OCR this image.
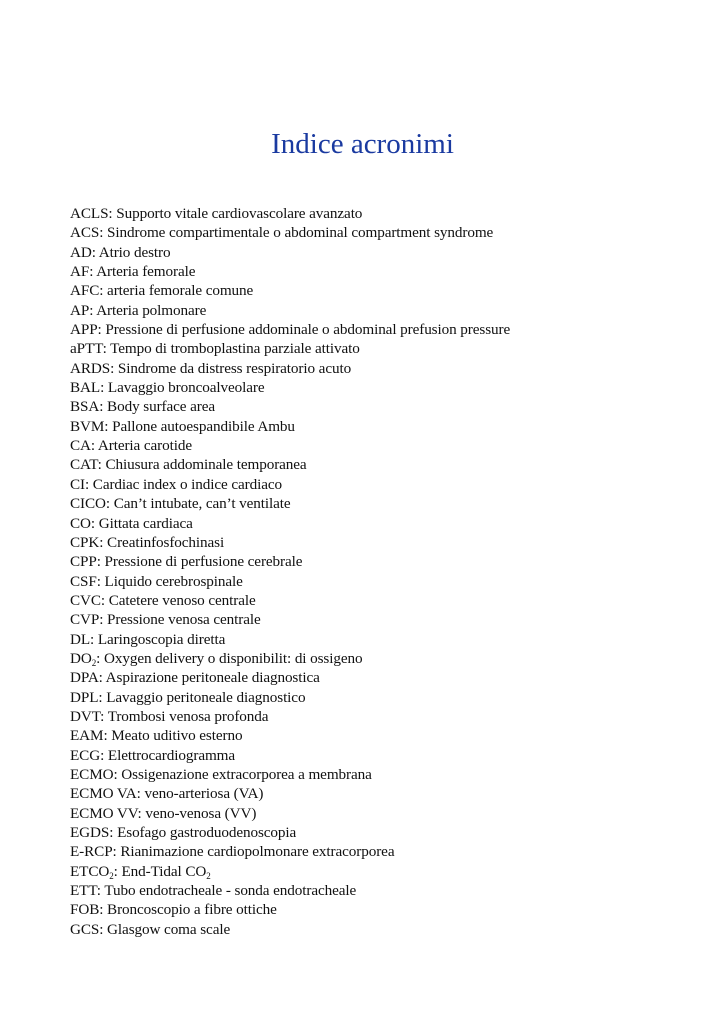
Indice acronimi
ACLS: Supporto vitale cardiovascolare avanzato
ACS: Sindrome compartimentale o abdominal compartment syndrome
AD: Atrio destro
AF: Arteria femorale
AFC: arteria femorale comune
AP: Arteria polmonare
APP: Pressione di perfusione addominale o abdominal prefusion pressure
aPTT: Tempo di tromboplastina parziale attivato
ARDS: Sindrome da distress respiratorio acuto
BAL: Lavaggio broncoalveolare
BSA: Body surface area
BVM: Pallone autoespandibile Ambu
CA: Arteria carotide
CAT: Chiusura addominale temporanea
CI: Cardiac index o indice cardiaco
CICO: Can’t intubate, can’t ventilate
CO: Gittata cardiaca
CPK: Creatinfosfochinasi
CPP: Pressione di perfusione cerebrale
CSF: Liquido cerebrospinale
CVC: Catetere venoso centrale
CVP: Pressione venosa centrale
DL: Laringoscopia diretta
$DO_2$: Oxygen delivery o disponibilit: di ossigeno
DPA: Aspirazione peritoneale diagnostica
DPL: Lavaggio peritoneale diagnostico
DVT: Trombosi venosa profonda
EAM: Meato uditivo esterno
ECG: Elettrocardiogramma
ECMO: Ossigenazione extracorporea a membrana
ECMO VA: veno-arteriosa (VA)
ECMO VV: veno-venosa (VV)
EGDS: Esofago gastroduodenoscopia
E-RCP: Rianimazione cardiopolmonare extracorporea
$ETCO_2$: End-Tidal $CO_2$
ETT: Tubo endotracheale - sonda endotracheale
FOB: Broncoscopio a fibre ottiche
GCS: Glasgow coma scale
